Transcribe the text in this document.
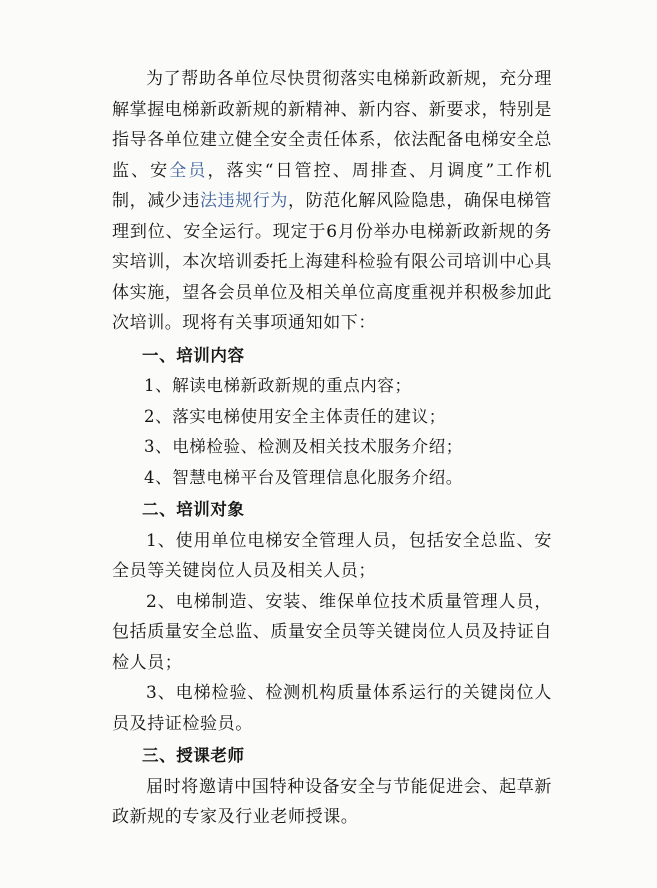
为了帮助各单位尽快贯彻落实电梯新政新规，充分理解掌握电梯新政新规的新精神、新内容、新要求，特别是指导各单位建立健全安全责任体系，依法配备电梯安全总监、安全员，落实“日管控、周排查、月调度”工作机制，减少违法违规行为，防范化解风险隐患，确保电梯管理到位、安全运行。现定于6月份举办电梯新政新规的务实培训，本次培训委托上海建科检验有限公司培训中心具体实施，望各会员单位及相关单位高度重视并积极参加此次培训。现将有关事项通知如下：

一、培训内容

1、解读电梯新政新规的重点内容；

2、落实电梯使用安全主体责任的建议；

3、电梯检验、检测及相关技术服务介绍；

4、智慧电梯平台及管理信息化服务介绍。

二、培训对象

1、使用单位电梯安全管理人员，包括安全总监、安全员等关键岗位人员及相关人员；

2、电梯制造、安装、维保单位技术质量管理人员，包括质量安全总监、质量安全员等关键岗位人员及持证自检人员；

3、电梯检验、检测机构质量体系运行的关键岗位人员及持证检验员。

三、授课老师

届时将邀请中国特种设备安全与节能促进会、起草新政新规的专家及行业老师授课。
